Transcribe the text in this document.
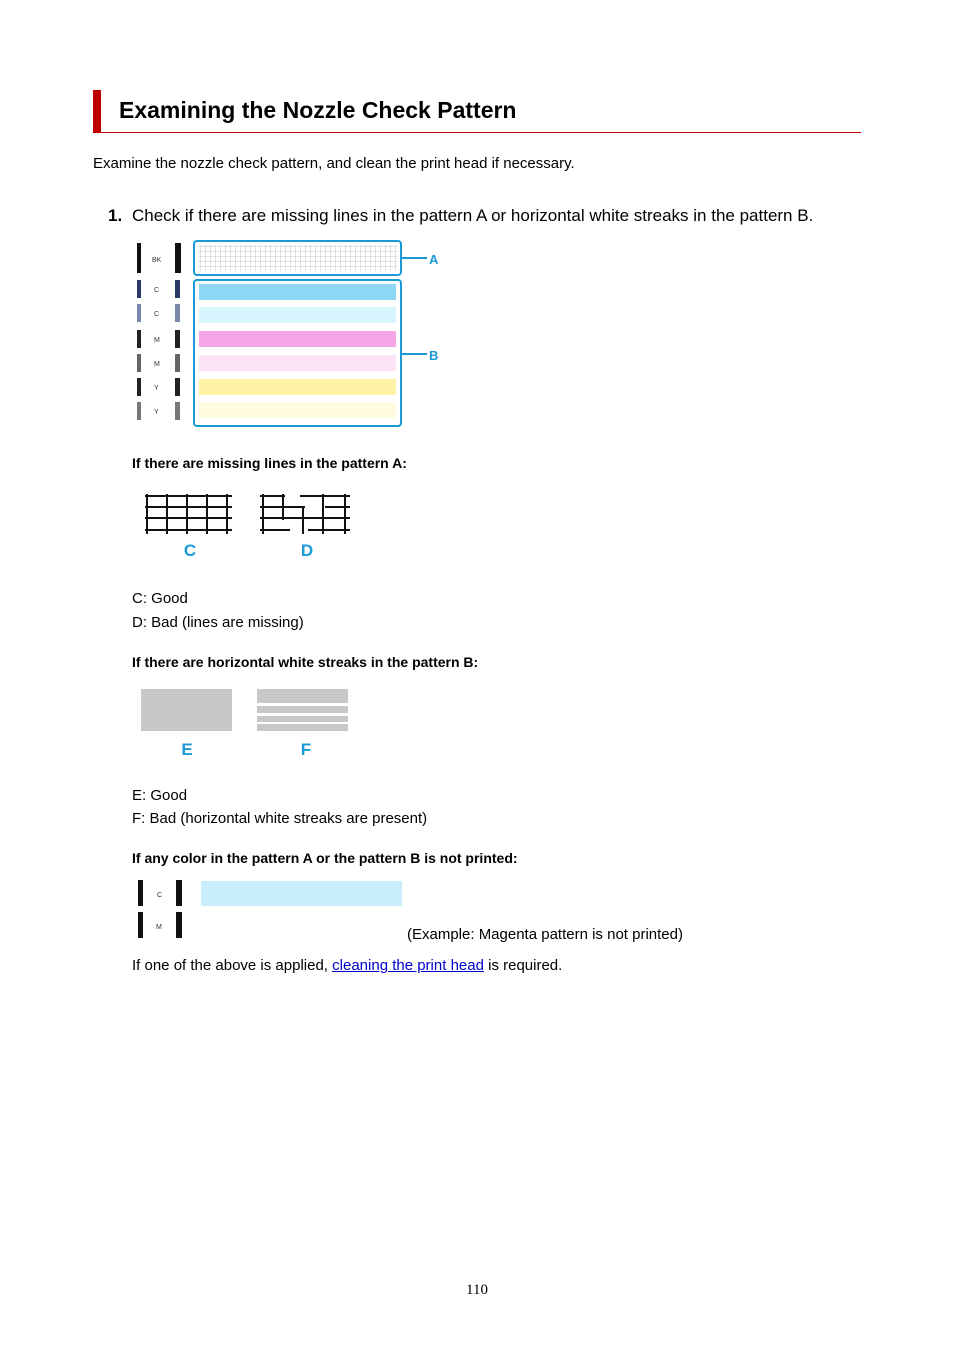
Examining the Nozzle Check Pattern
Examine the nozzle check pattern, and clean the print head if necessary.
1. Check if there are missing lines in the pattern A or horizontal white streaks in the pattern B.
BK
C
C
M
M
Y
Y
A
B
If there are missing lines in the pattern A:
C	D
C: Good
D: Bad (lines are missing)
If there are horizontal white streaks in the pattern B:
E	F
E: Good
F: Bad (horizontal white streaks are present)
If any color in the pattern A or the pattern B is not printed:
C
M	(Example: Magenta pattern is not printed)
If one of the above is applied, cleaning the print head is required.
110
